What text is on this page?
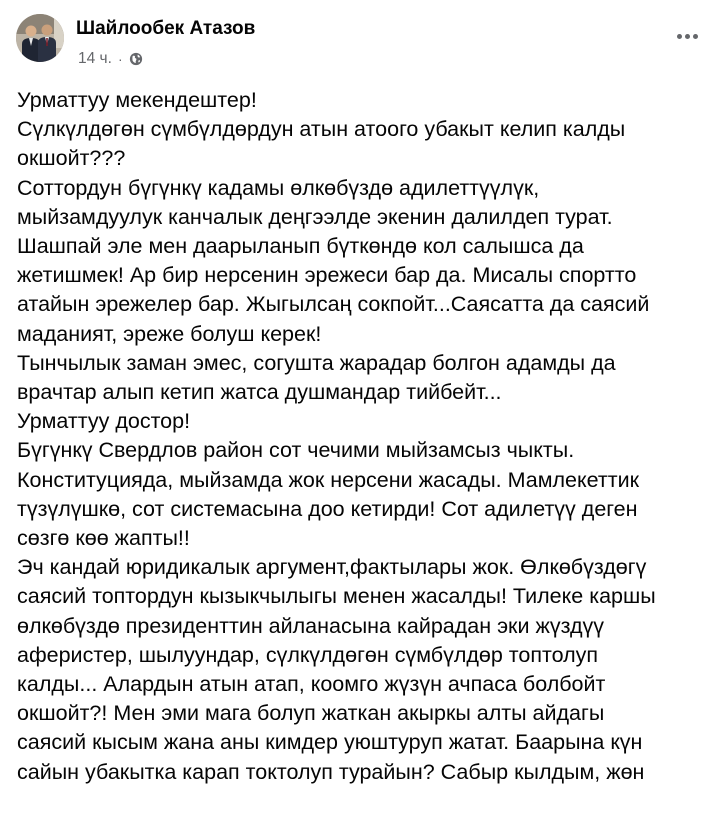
Шайлообек Атазов
14 ч. ·
Урматтуу мекендештер!
Сүлкүлдөгөн сүмбүлдөрдун атын атоого убакыт келип калды
окшойт???
Соттордун бүгүнкү кадамы өлкөбүздө адилеттүүлүк,
мыйзамдуулук канчалык деңгээлде экенин далилдеп турат.
Шашпай эле мен даарыланып бүткөндө кол салышса да
жетишмек! Ар бир нерсенин эрежеси бар да. Мисалы спортто
атайын эрежелер бар. Жыгылсаң сокпойт...Саясатта да саясий
маданият, эреже болуш керек!
Тынчылык заман эмес, согушта жарадар болгон адамды да
врачтар алып кетип жатса душмандар тийбейт...
Урматтуу достор!
Бүгүнкү Свердлов район сот чечими мыйзамсыз чыкты.
Конституцияда, мыйзамда жок нерсени жасады. Мамлекеттик
түзүлүшкө, сот системасына доо кетирди! Сот адилетүү деген
сөзгө көө жапты!!
Эч кандай юридикалык аргумент,фактылары жок. Өлкөбүздөгү
саясий топтордун кызыкчылыгы менен жасалды! Тилеке каршы
өлкөбүздө президенттин айланасына кайрадан эки жүздүү
аферистер, шылуундар, сүлкүлдөгөн сүмбүлдөр топтолуп
калды... Алардын атын атап, коомго жүзүн ачпаса болбойт
окшойт?! Мен эми мага болуп жаткан акыркы алты айдагы
саясий кысым жана аны кимдер уюштуруп жатат. Баарына күн
сайын убакытка карап токтолуп турайын? Сабыр кылдым, жөн
